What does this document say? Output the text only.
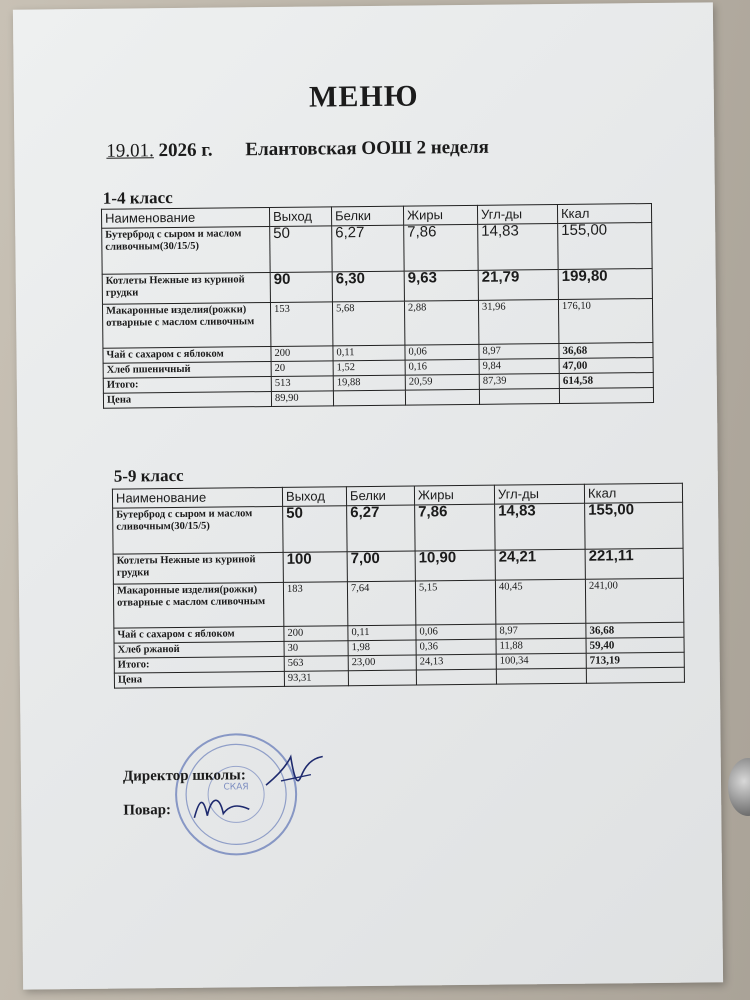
МЕНЮ
19.01. 2026 г. Елантовская ООШ 2 неделя
1-4 класс
Наименование	Выход	Белки	Жиры	Угл-ды	Ккал
Бутерброд с сыром и маслом сливочным(30/15/5)	50	6,27	7,86	14,83	155,00
Котлеты Нежные из куриной грудки	90	6,30	9,63	21,79	199,80
Макаронные изделия(рожки) отварные с маслом сливочным	153	5,68	2,88	31,96	176,10
Чай с сахаром с яблоком	200	0,11	0,06	8,97	36,68
Хлеб пшеничный	20	1,52	0,16	9,84	47,00
Итого:	513	19,88	20,59	87,39	614,58
Цена	89,90				
5-9 класс
Наименование	Выход	Белки	Жиры	Угл-ды	Ккал
Бутерброд с сыром и маслом сливочным(30/15/5)	50	6,27	7,86	14,83	155,00
Котлеты Нежные из куриной грудки	100	7,00	10,90	24,21	221,11
Макаронные изделия(рожки) отварные с маслом сливочным	183	7,64	5,15	40,45	241,00
Чай с сахаром с яблоком	200	0,11	0,06	8,97	36,68
Хлеб ржаной	30	1,98	0,36	11,88	59,40
Итого:	563	23,00	24,13	100,34	713,19
Цена	93,31				
СКАЯ
Директор школы:
Повар:
